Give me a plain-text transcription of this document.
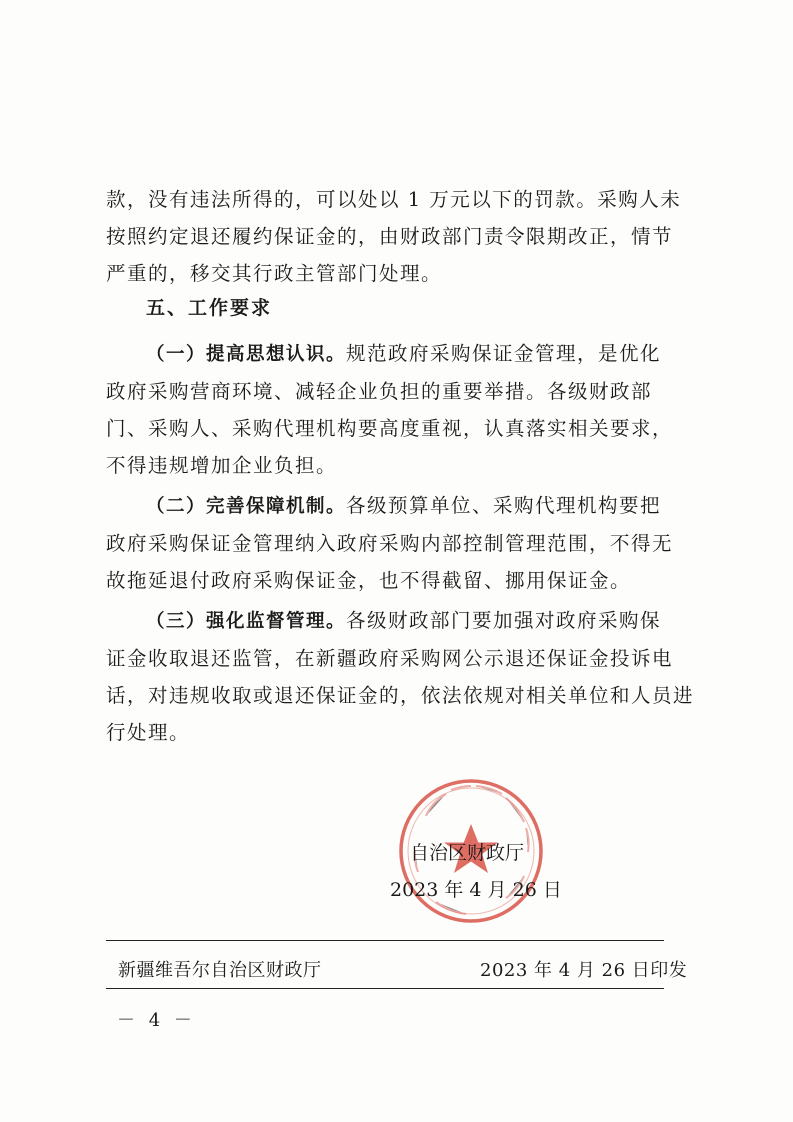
款，没有违法所得的，可以处以 1 万元以下的罚款。采购人未
按照约定退还履约保证金的，由财政部门责令限期改正，情节
严重的，移交其行政主管部门处理。

五、工作要求

（一）提高思想认识。规范政府采购保证金管理，是优化
政府采购营商环境、减轻企业负担的重要举措。各级财政部
门、采购人、采购代理机构要高度重视，认真落实相关要求，
不得违规增加企业负担。
（二）完善保障机制。各级预算单位、采购代理机构要把
政府采购保证金管理纳入政府采购内部控制管理范围，不得无
故拖延退付政府采购保证金，也不得截留、挪用保证金。
（三）强化监督管理。各级财政部门要加强对政府采购保
证金收取退还监管，在新疆政府采购网公示退还保证金投诉电
话，对违规收取或退还保证金的，依法依规对相关单位和人员进
行处理。
自治区财政厅
2023 年 4 月 26 日
新疆维吾尔自治区财政厅	2023 年 4 月 26 日印发
－ 4 －
